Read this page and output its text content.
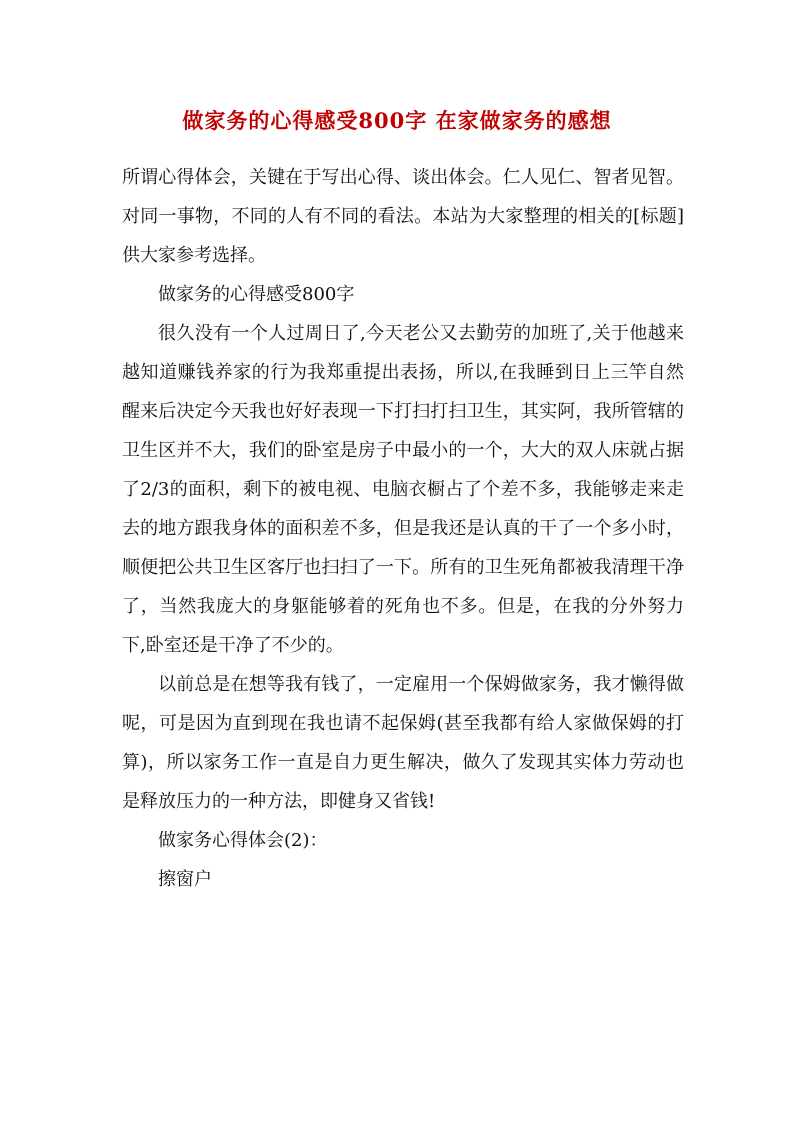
做家务的心得感受800字 在家做家务的感想

所谓心得体会，关键在于写出心得、谈出体会。仁人见仁、智者见智。对同一事物，不同的人有不同的看法。本站为大家整理的相关的[标题]供大家参考选择。

做家务的心得感受800字

很久没有一个人过周日了,今天老公又去勤劳的加班了,关于他越来越知道赚钱养家的行为我郑重提出表扬，所以,在我睡到日上三竿自然醒来后决定今天我也好好表现一下打扫打扫卫生，其实阿，我所管辖的卫生区并不大，我们的卧室是房子中最小的一个，大大的双人床就占据了2/3的面积，剩下的被电视、电脑衣橱占了个差不多，我能够走来走去的地方跟我身体的面积差不多，但是我还是认真的干了一个多小时，顺便把公共卫生区客厅也扫扫了一下。所有的卫生死角都被我清理干净了，当然我庞大的身躯能够着的死角也不多。但是，在我的分外努力下,卧室还是干净了不少的。

以前总是在想等我有钱了，一定雇用一个保姆做家务，我才懒得做呢，可是因为直到现在我也请不起保姆(甚至我都有给人家做保姆的打算)，所以家务工作一直是自力更生解决，做久了发现其实体力劳动也是释放压力的一种方法，即健身又省钱!

做家务心得体会(2)：

擦窗户
